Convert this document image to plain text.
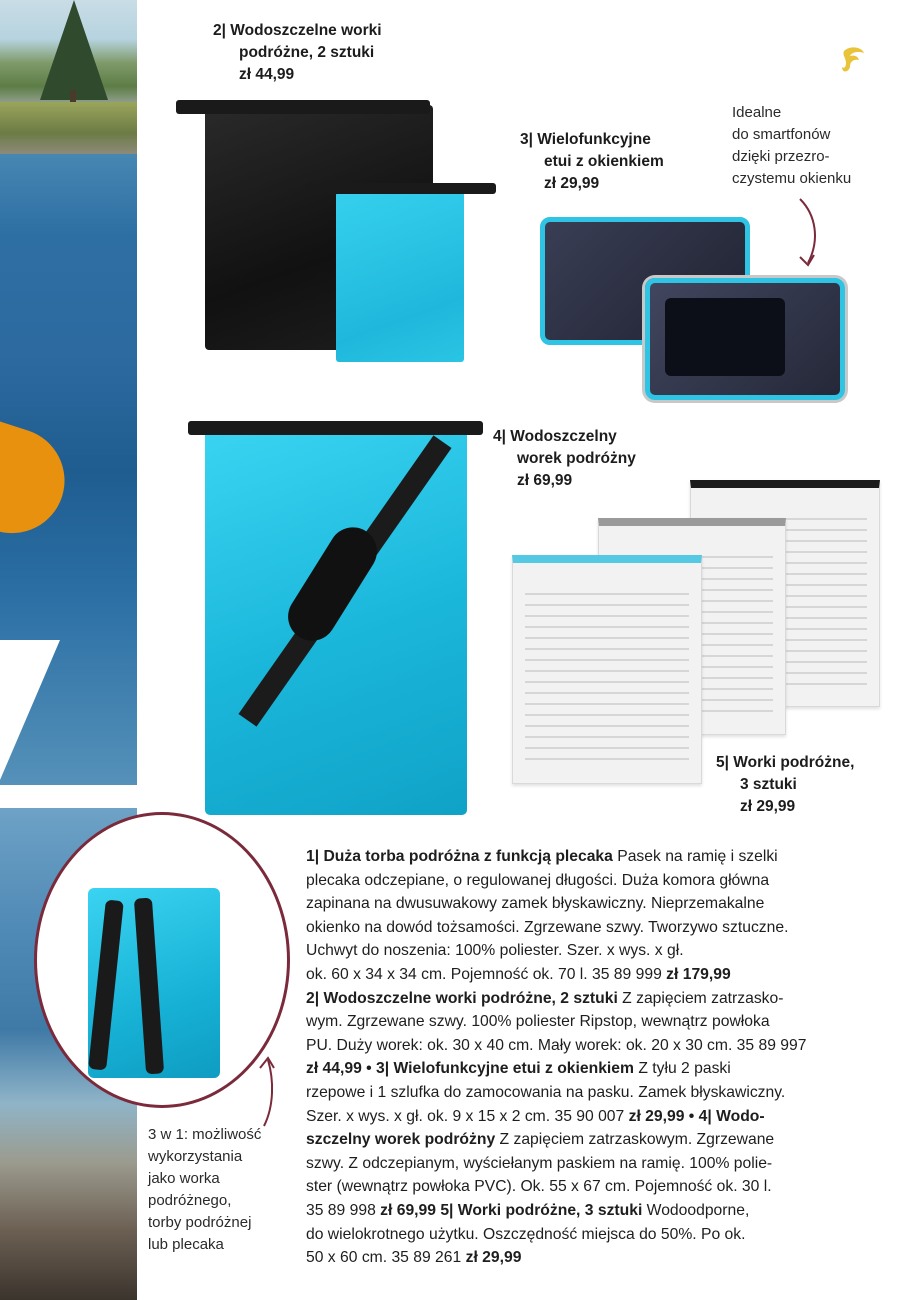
2| Wodoszczelne worki
podróżne, 2 sztuki
zł 44,99
3| Wielofunkcyjne
etui z okienkiem
zł 29,99
Idealne
do smartfonów
dzięki przezro-
czystemu okienku
4| Wodoszczelny
worek podróżny
zł 69,99
5| Worki podróżne,
3 sztuki
zł 29,99
3 w 1: możliwość
wykorzystania
jako worka
podróżnego,
torby podróżnej
lub plecaka
1| Duża torba podróżna z funkcją plecaka Pasek na ramię i szelki
plecaka odczepiane, o regulowanej długości. Duża komora główna
zapinana na dwusuwakowy zamek błyskawiczny. Nieprzemakalne
okienko na dowód tożsamości. Zgrzewane szwy. Tworzywo sztuczne.
Uchwyt do noszenia: 100% poliester. Szer. x wys. x gł.
ok. 60 x 34 x 34 cm. Pojemność ok. 70 l. 35 89 999 zł 179,99
2| Wodoszczelne worki podróżne, 2 sztuki Z zapięciem zatrzasko-
wym. Zgrzewane szwy. 100% poliester Ripstop, wewnątrz powłoka
PU. Duży worek: ok. 30 x 40 cm. Mały worek: ok. 20 x 30 cm. 35 89 997
zł 44,99 • 3| Wielofunkcyjne etui z okienkiem Z tyłu 2 paski
rzepowe i 1 szlufka do zamocowania na pasku. Zamek błyskawiczny.
Szer. x wys. x gł. ok. 9 x 15 x 2 cm. 35 90 007 zł 29,99 • 4| Wodo-
szczelny worek podróżny Z zapięciem zatrzaskowym. Zgrzewane
szwy. Z odczepianym, wyściełanym paskiem na ramię. 100% polie-
ster (wewnątrz powłoka PVC). Ok. 55 x 67 cm. Pojemność ok. 30 l.
35 89 998 zł 69,99 5| Worki podróżne, 3 sztuki Wodoodporne,
do wielokrotnego użytku. Oszczędność miejsca do 50%. Po ok.
50 x 60 cm. 35 89 261 zł 29,99
